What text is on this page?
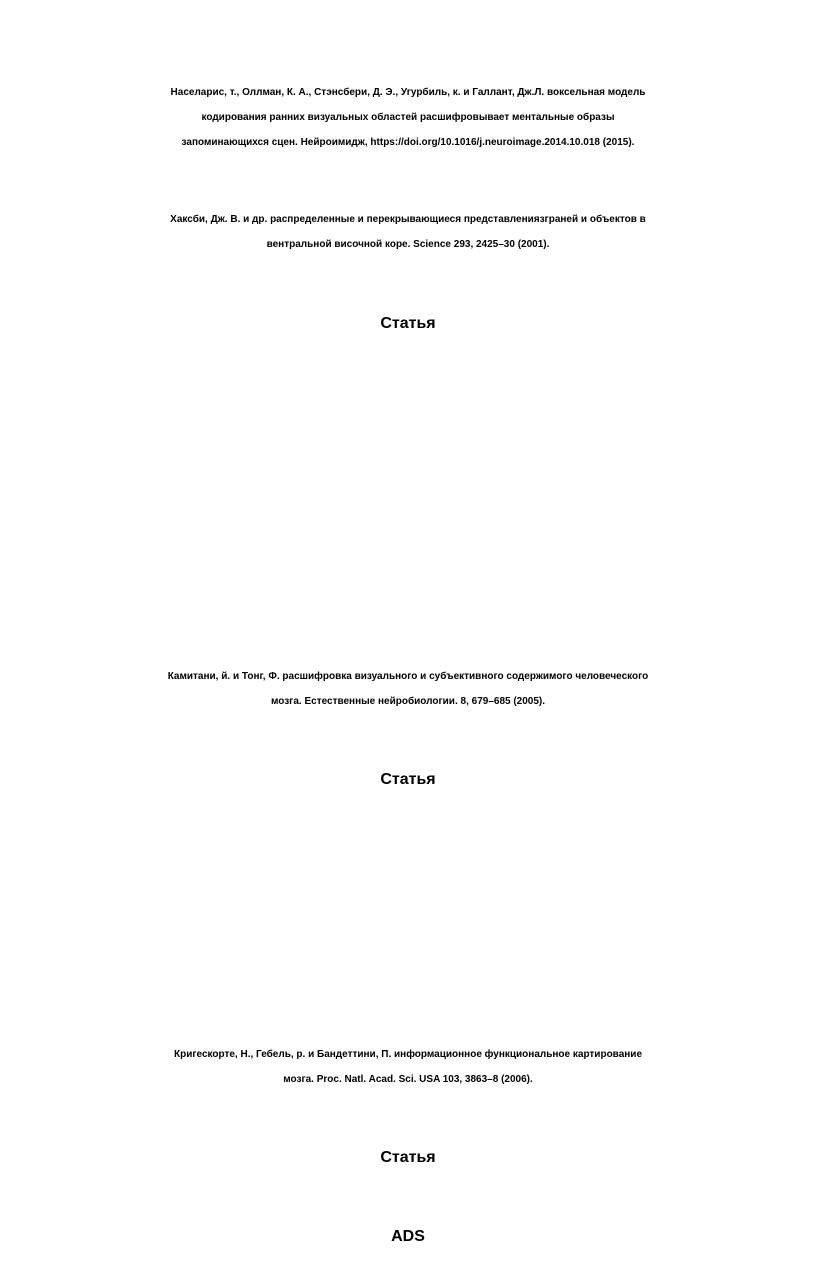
Населарис, т., Оллман, К. А., Стэнсбери, Д. Э., Угурбиль, к. и Галлант, Дж.Л. воксельная модель
кодирования ранних визуальных областей расшифровывает ментальные образы
запоминающихся сцен. Нейроимидж, https://doi.org/10.1016/j.neuroimage.2014.10.018 (2015).
Хаксби, Дж. В. и др. распределенные и перекрывающиеся представлениязграней и объектов в
вентральной височной коре. Science 293, 2425–30 (2001).
Статья
Камитани, й. и Тонг, Ф. расшифровка визуального и субъективного содержимого человеческого
мозга. Естественные нейробиологии. 8, 679–685 (2005).
Статья
Кригескорте, Н., Гебель, р. и Бандеттини, П. информационное функциональное картирование
мозга. Proc. Natl. Acad. Sci. USA 103, 3863–8 (2006).
Статья
ADS
